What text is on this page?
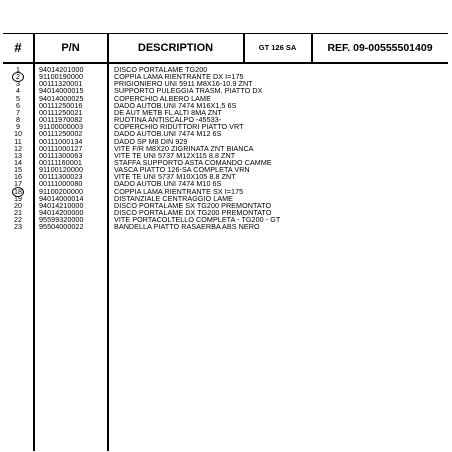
#	P/N	DESCRIPTION	GT 126 SA	REF. 09-00555501409
1	94014201000	DISCO PORTALAME TG200
2	91100190000	COPPIA LAMA RIENTRANTE DX I=175
3	00111320001	PRIGIONIERO UNI 5911 M8X16-10.9 ZNT
4	94014000015	SUPPORTO PULEGGIA TRASM. PIATTO DX
5	94014000025	COPERCHIO ALBERO LAME
6	00111250016	DADO AUTOB.UNI 7474 M16X1,5 6S
7	00111250021	DE AUT METB FL ALTI 8MA ZNT
8	00111970082	RUOTINA ANTISCALPO -45533-
9	91100000003	COPERCHIO RIDUTTORI PIATTO VRT
10	00111250002	DADO AUTOB.UNI 7474 M12 6S
11	00111000134	DADO SP M8 DIN 929
12	00111000127	VITE F/R M8X20 ZIGRINATA ZNT BIANCA
13	00111300063	VITE TE UNI 5737 M12X115 8.8 ZNT
14	00111160001	STAFFA SUPPORTO ASTA COMANDO CAMME
15	91100120000	VASCA PIATTO 126-SA COMPLETA VRN
16	00111300023	VITE TE UNI 5737 M10X105 8.8 ZNT
17	00111000080	DADO AUTOB.UNI 7474 M10 6S
18	91100200000	COPPIA LAMA RIENTRANTE SX I=175
19	94014000014	DISTANZIALE CENTRAGGIO LAME
20	94014210000	DISCO PORTALAME SX TG200 PREMONTATO
21	94014200000	DISCO PORTALAME DX TG200 PREMONTATO
22	95599320000	VITE PORTACOLTELLO COMPLETA - TG200 - GT
23	95504000022	BANDELLA PIATTO RASAERBA ABS NERO
